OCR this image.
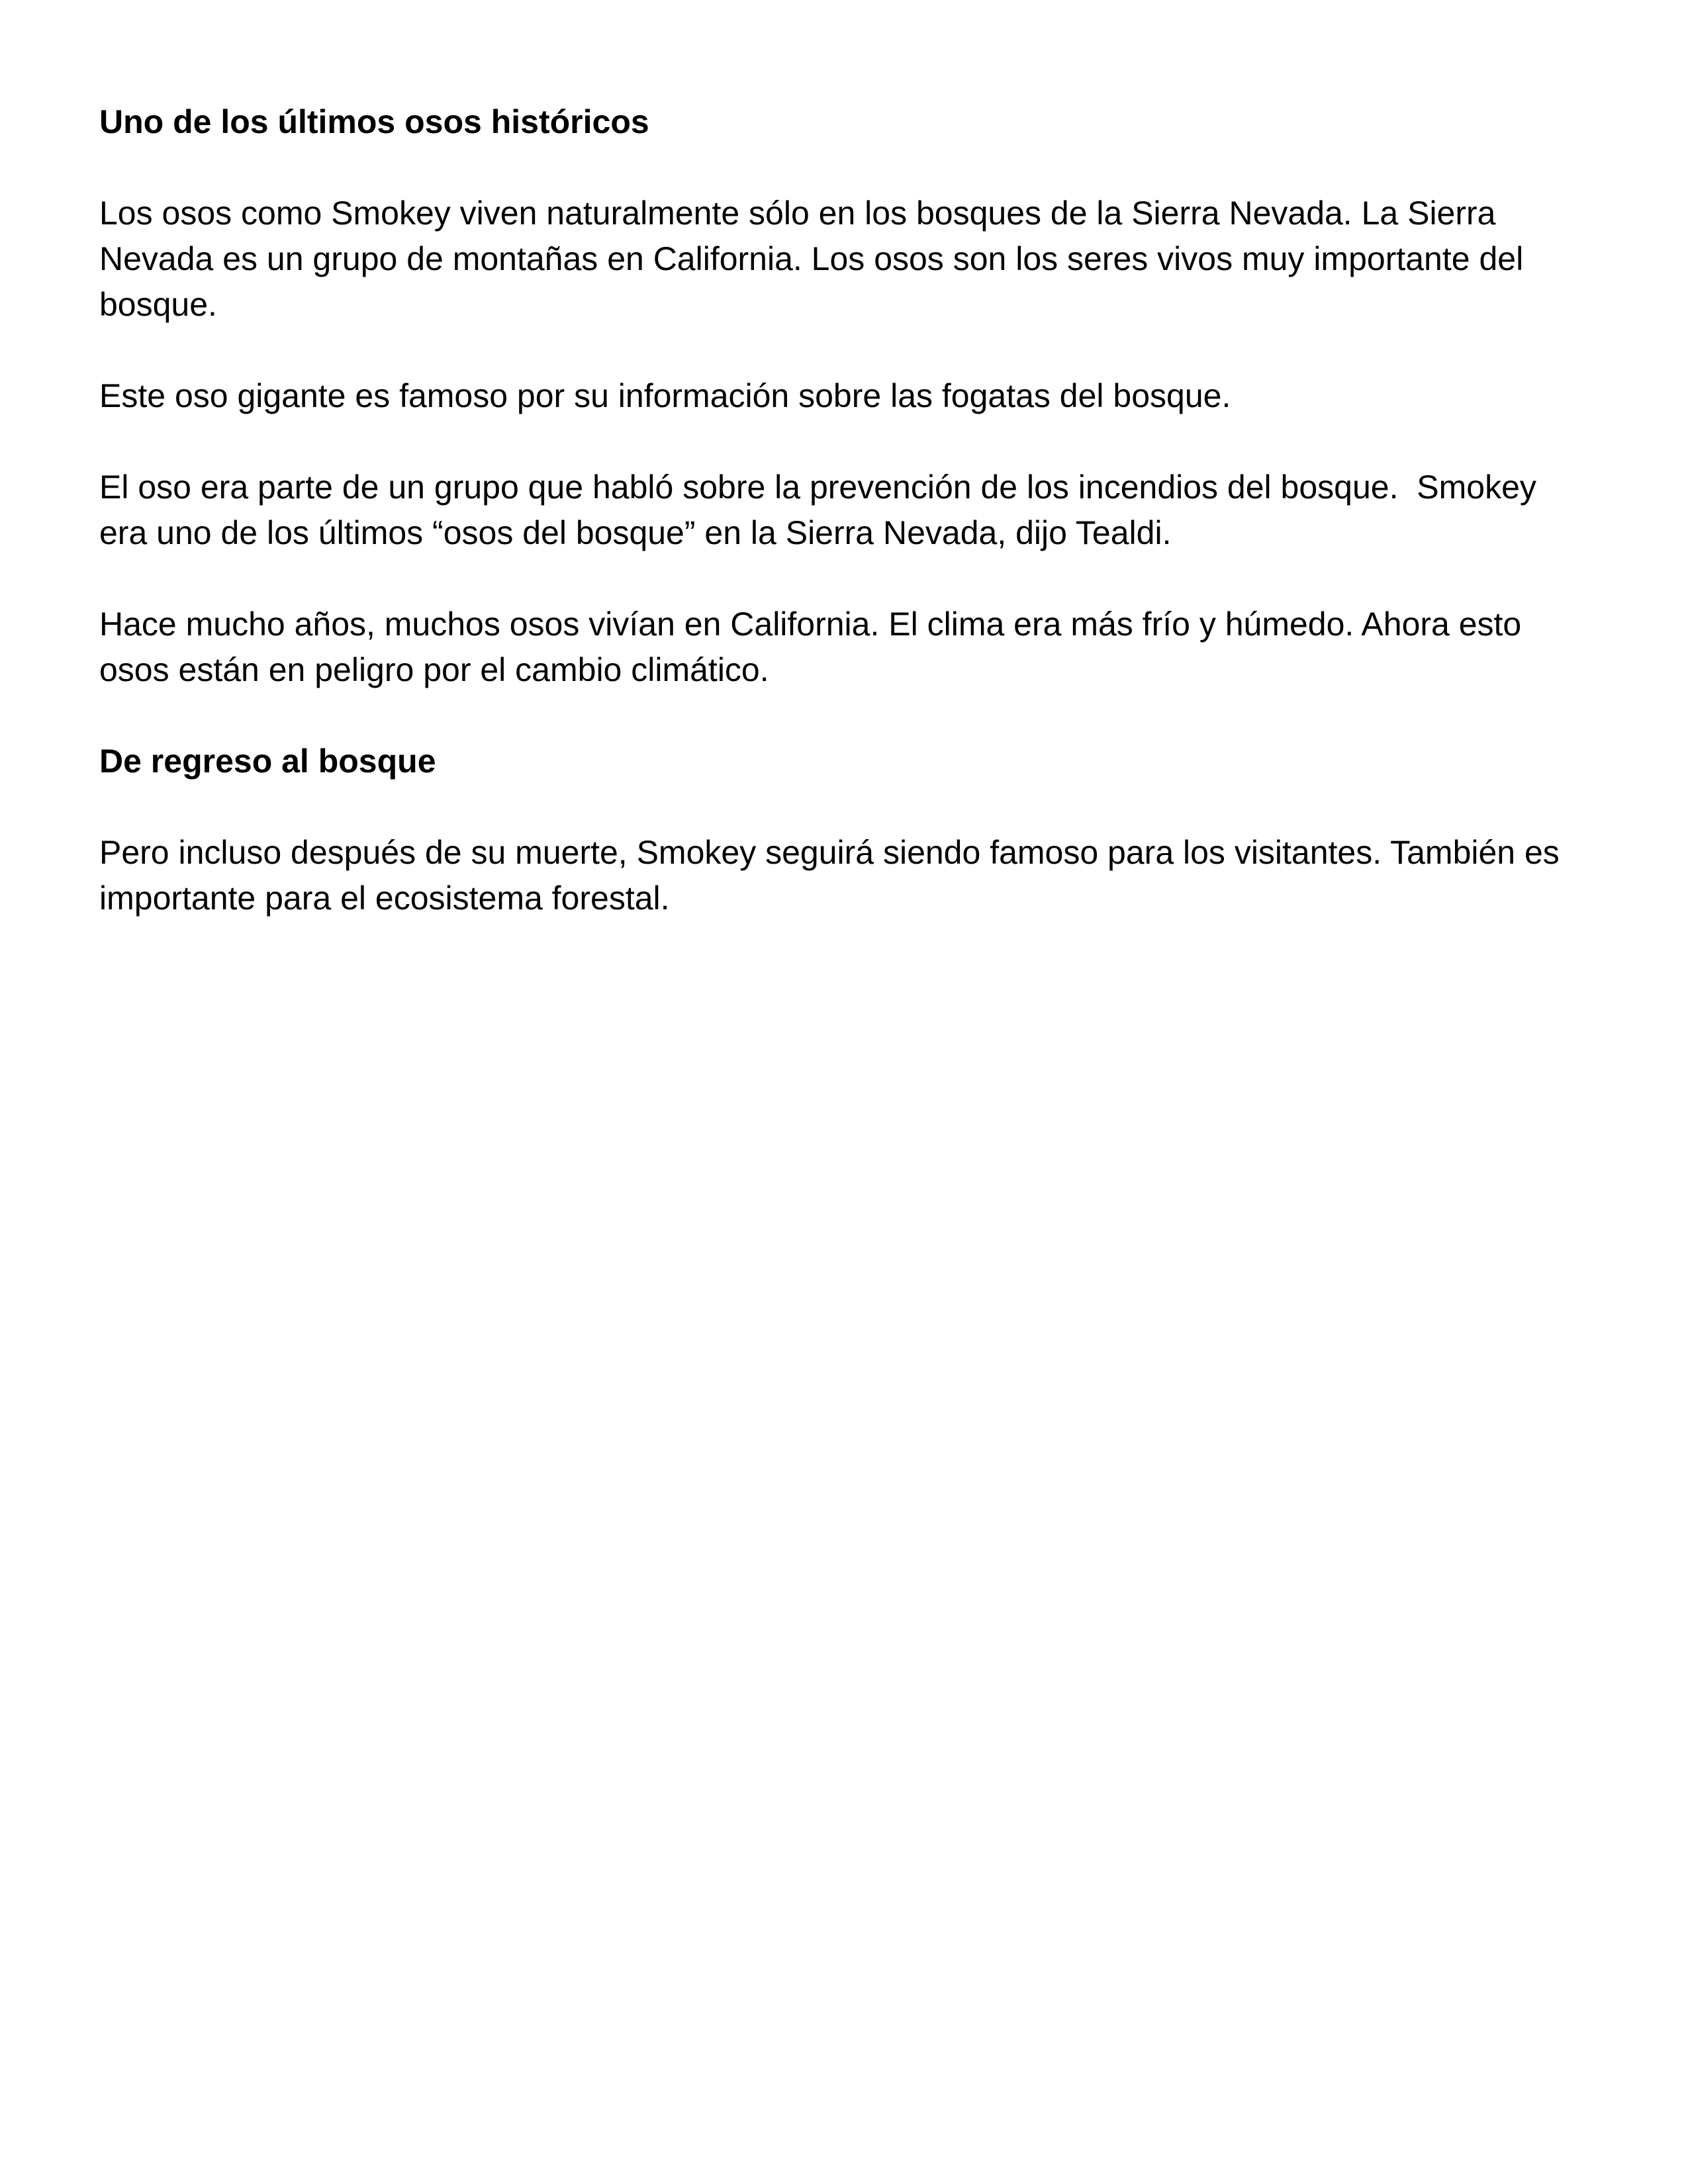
Uno de los últimos osos históricos

Los osos como Smokey viven naturalmente sólo en los bosques de la Sierra Nevada. La Sierra Nevada es un grupo de montañas en California. Los osos son los seres vivos muy importante del bosque.

Este oso gigante es famoso por su información sobre las fogatas del bosque.

El oso era parte de un grupo que habló sobre la prevención de los incendios del bosque.  Smokey era uno de los últimos “osos del bosque” en la Sierra Nevada, dijo Tealdi.

Hace mucho años, muchos osos vivían en California. El clima era más frío y húmedo. Ahora esto osos están en peligro por el cambio climático.

De regreso al bosque

Pero incluso después de su muerte, Smokey seguirá siendo famoso para los visitantes. También es importante para el ecosistema forestal.
